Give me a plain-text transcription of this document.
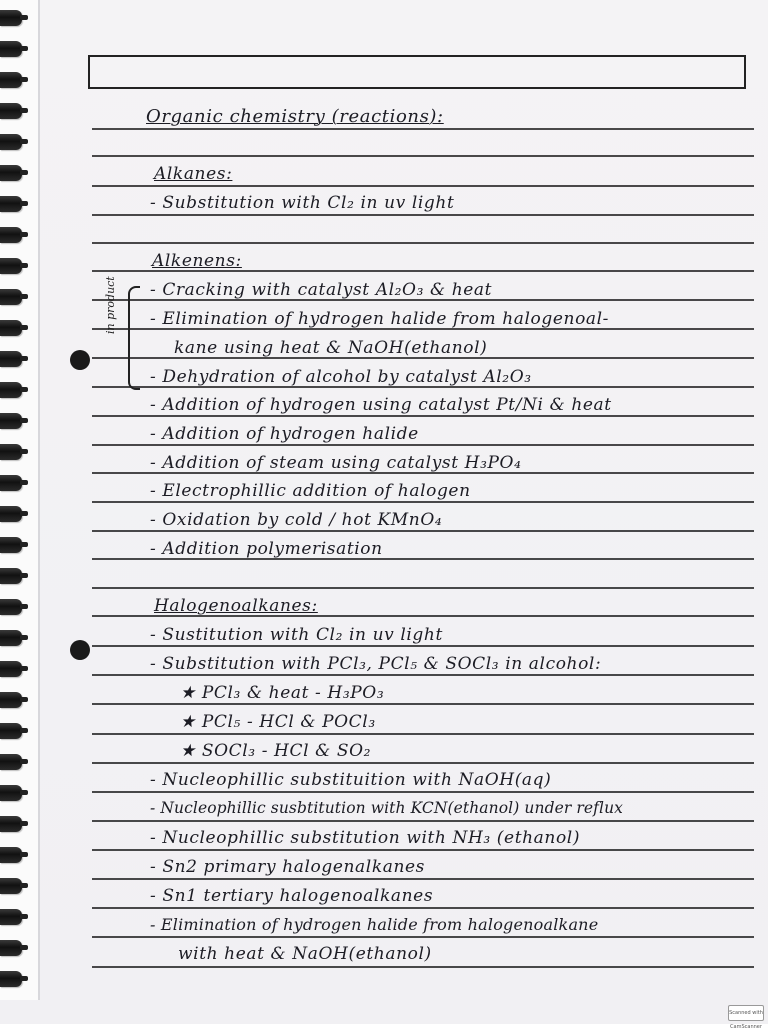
Organic chemistry (reactions):
Alkanes:
- Substitution with Cl₂ in uv light
Alkenens:
in product - Cracking with catalyst Al₂O₃ & heat
- Elimination of hydrogen halide from halogenoal-
kane using heat & NaOH(ethanol)
- Dehydration of alcohol by catalyst Al₂O₃
- Addition of hydrogen using catalyst Pt/Ni & heat
- Addition of hydrogen halide
- Addition of steam using catalyst H₃PO₄
- Electrophillic addition of halogen
- Oxidation by cold / hot KMnO₄
- Addition polymerisation
Halogenoalkanes:
- Sustitution with Cl₂ in uv light
- Substitution with PCl₃, PCl₅ & SOCl₃ in alcohol:
★ PCl₃ & heat - H₃PO₃
★ PCl₅ - HCl & POCl₃
★ SOCl₃ - HCl & SO₂
- Nucleophillic substituition with NaOH(aq)
- Nucleophillic susbtitution with KCN(ethanol) under reflux
- Nucleophillic substitution with NH₃ (ethanol)
- Sn2 primary halogenalkanes
- Sn1 tertiary halogenoalkanes
- Elimination of hydrogen halide from halogenoalkane
with heat & NaOH(ethanol)
Scanned with CamScanner
